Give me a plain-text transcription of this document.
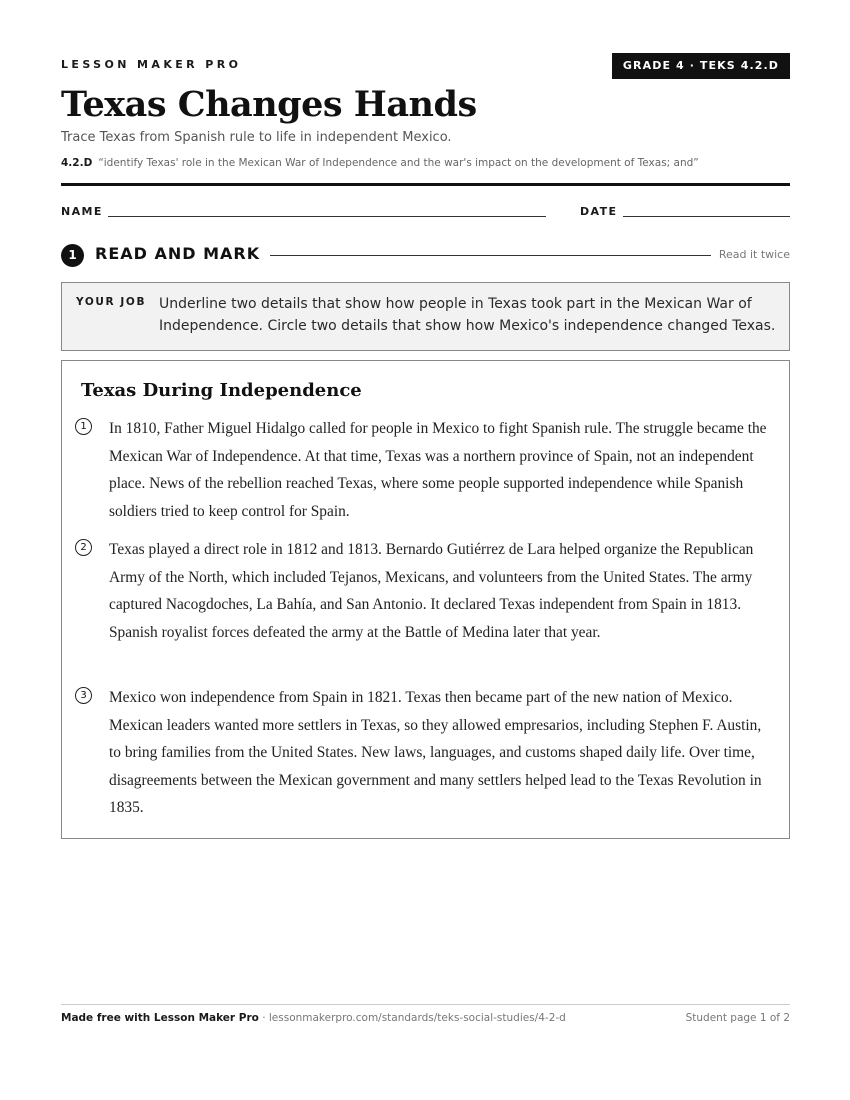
LESSON MAKER PRO	GRADE 4 · TEKS 4.2.D
Texas Changes Hands
Trace Texas from Spanish rule to life in independent Mexico.
4.2.D “identify Texas' role in the Mexican War of Independence and the war's impact on the development of Texas; and”
NAME	DATE
1	READ AND MARK	Read it twice
YOUR JOB Underline two details that show how people in Texas took part in the Mexican War of Independence. Circle two details that show how Mexico's independence changed Texas.

Texas During Independence
1	In 1810, Father Miguel Hidalgo called for people in Mexico to fight Spanish rule. The struggle became the Mexican War of Independence. At that time, Texas was a northern province of Spain, not an independent place. News of the rebellion reached Texas, where some people supported independence while Spanish soldiers tried to keep control for Spain.

2	Texas played a direct role in 1812 and 1813. Bernardo Gutiérrez de Lara helped organize the Republican Army of the North, which included Tejanos, Mexicans, and volunteers from the United States. The army captured Nacogdoches, La Bahía, and San Antonio. It declared Texas independent from Spain in 1813. Spanish royalist forces defeated the army at the Battle of Medina later that year.

3	Mexico won independence from Spain in 1821. Texas then became part of the new nation of Mexico. Mexican leaders wanted more settlers in Texas, so they allowed empresarios, including Stephen F. Austin, to bring families from the United States. New laws, languages, and customs shaped daily life. Over time, disagreements between the Mexican government and many settlers helped lead to the Texas Revolution in 1835.

Made free with Lesson Maker Pro · lessonmakerpro.com/standards/teks-social-studies/4-2-d	Student page 1 of 2
